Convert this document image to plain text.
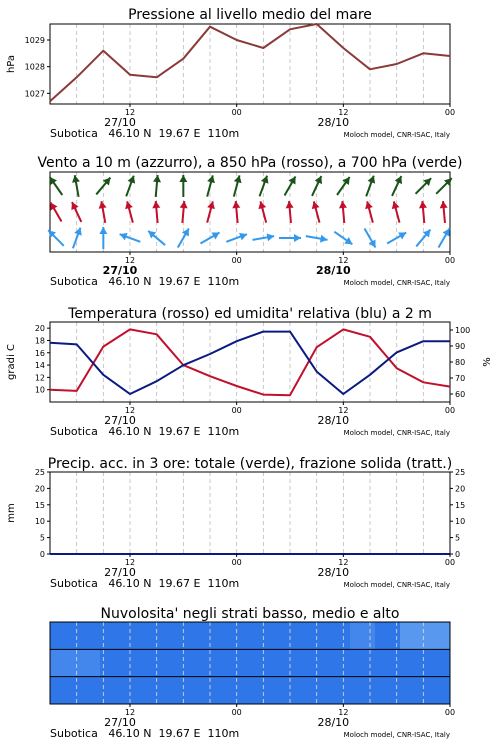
Pressione al livello medio del mare
1027
1028
1029
hPa
12
27/10
00	12
28/10
00
Subotica   46.10 N  19.67 E  110m	Moloch model, CNR-ISAC, Italy
Vento a 10 m (azzurro), a 850 hPa (rosso), a 700 hPa (verde)
12
27/10
00	12
28/10
00
Subotica   46.10 N  19.67 E  110m	Moloch model, CNR-ISAC, Italy
Temperatura (rosso) ed umidita' relativa (blu) a 2 m
10
12
14
16
18
20
60
70
80
90
100
gradi C	%
12
27/10
00	12
28/10
00
Subotica   46.10 N  19.67 E  110m	Moloch model, CNR-ISAC, Italy
Precip. acc. in 3 ore: totale (verde), frazione solida (tratt.)
0
5
10
15
20
25
0
5
10
15
20
25
mm
12
27/10
00	12
28/10
00
Subotica   46.10 N  19.67 E  110m	Moloch model, CNR-ISAC, Italy
Nuvolosita' negli strati basso, medio e alto
12
27/10
00	12
28/10
00
Subotica   46.10 N  19.67 E  110m	Moloch model, CNR-ISAC, Italy
